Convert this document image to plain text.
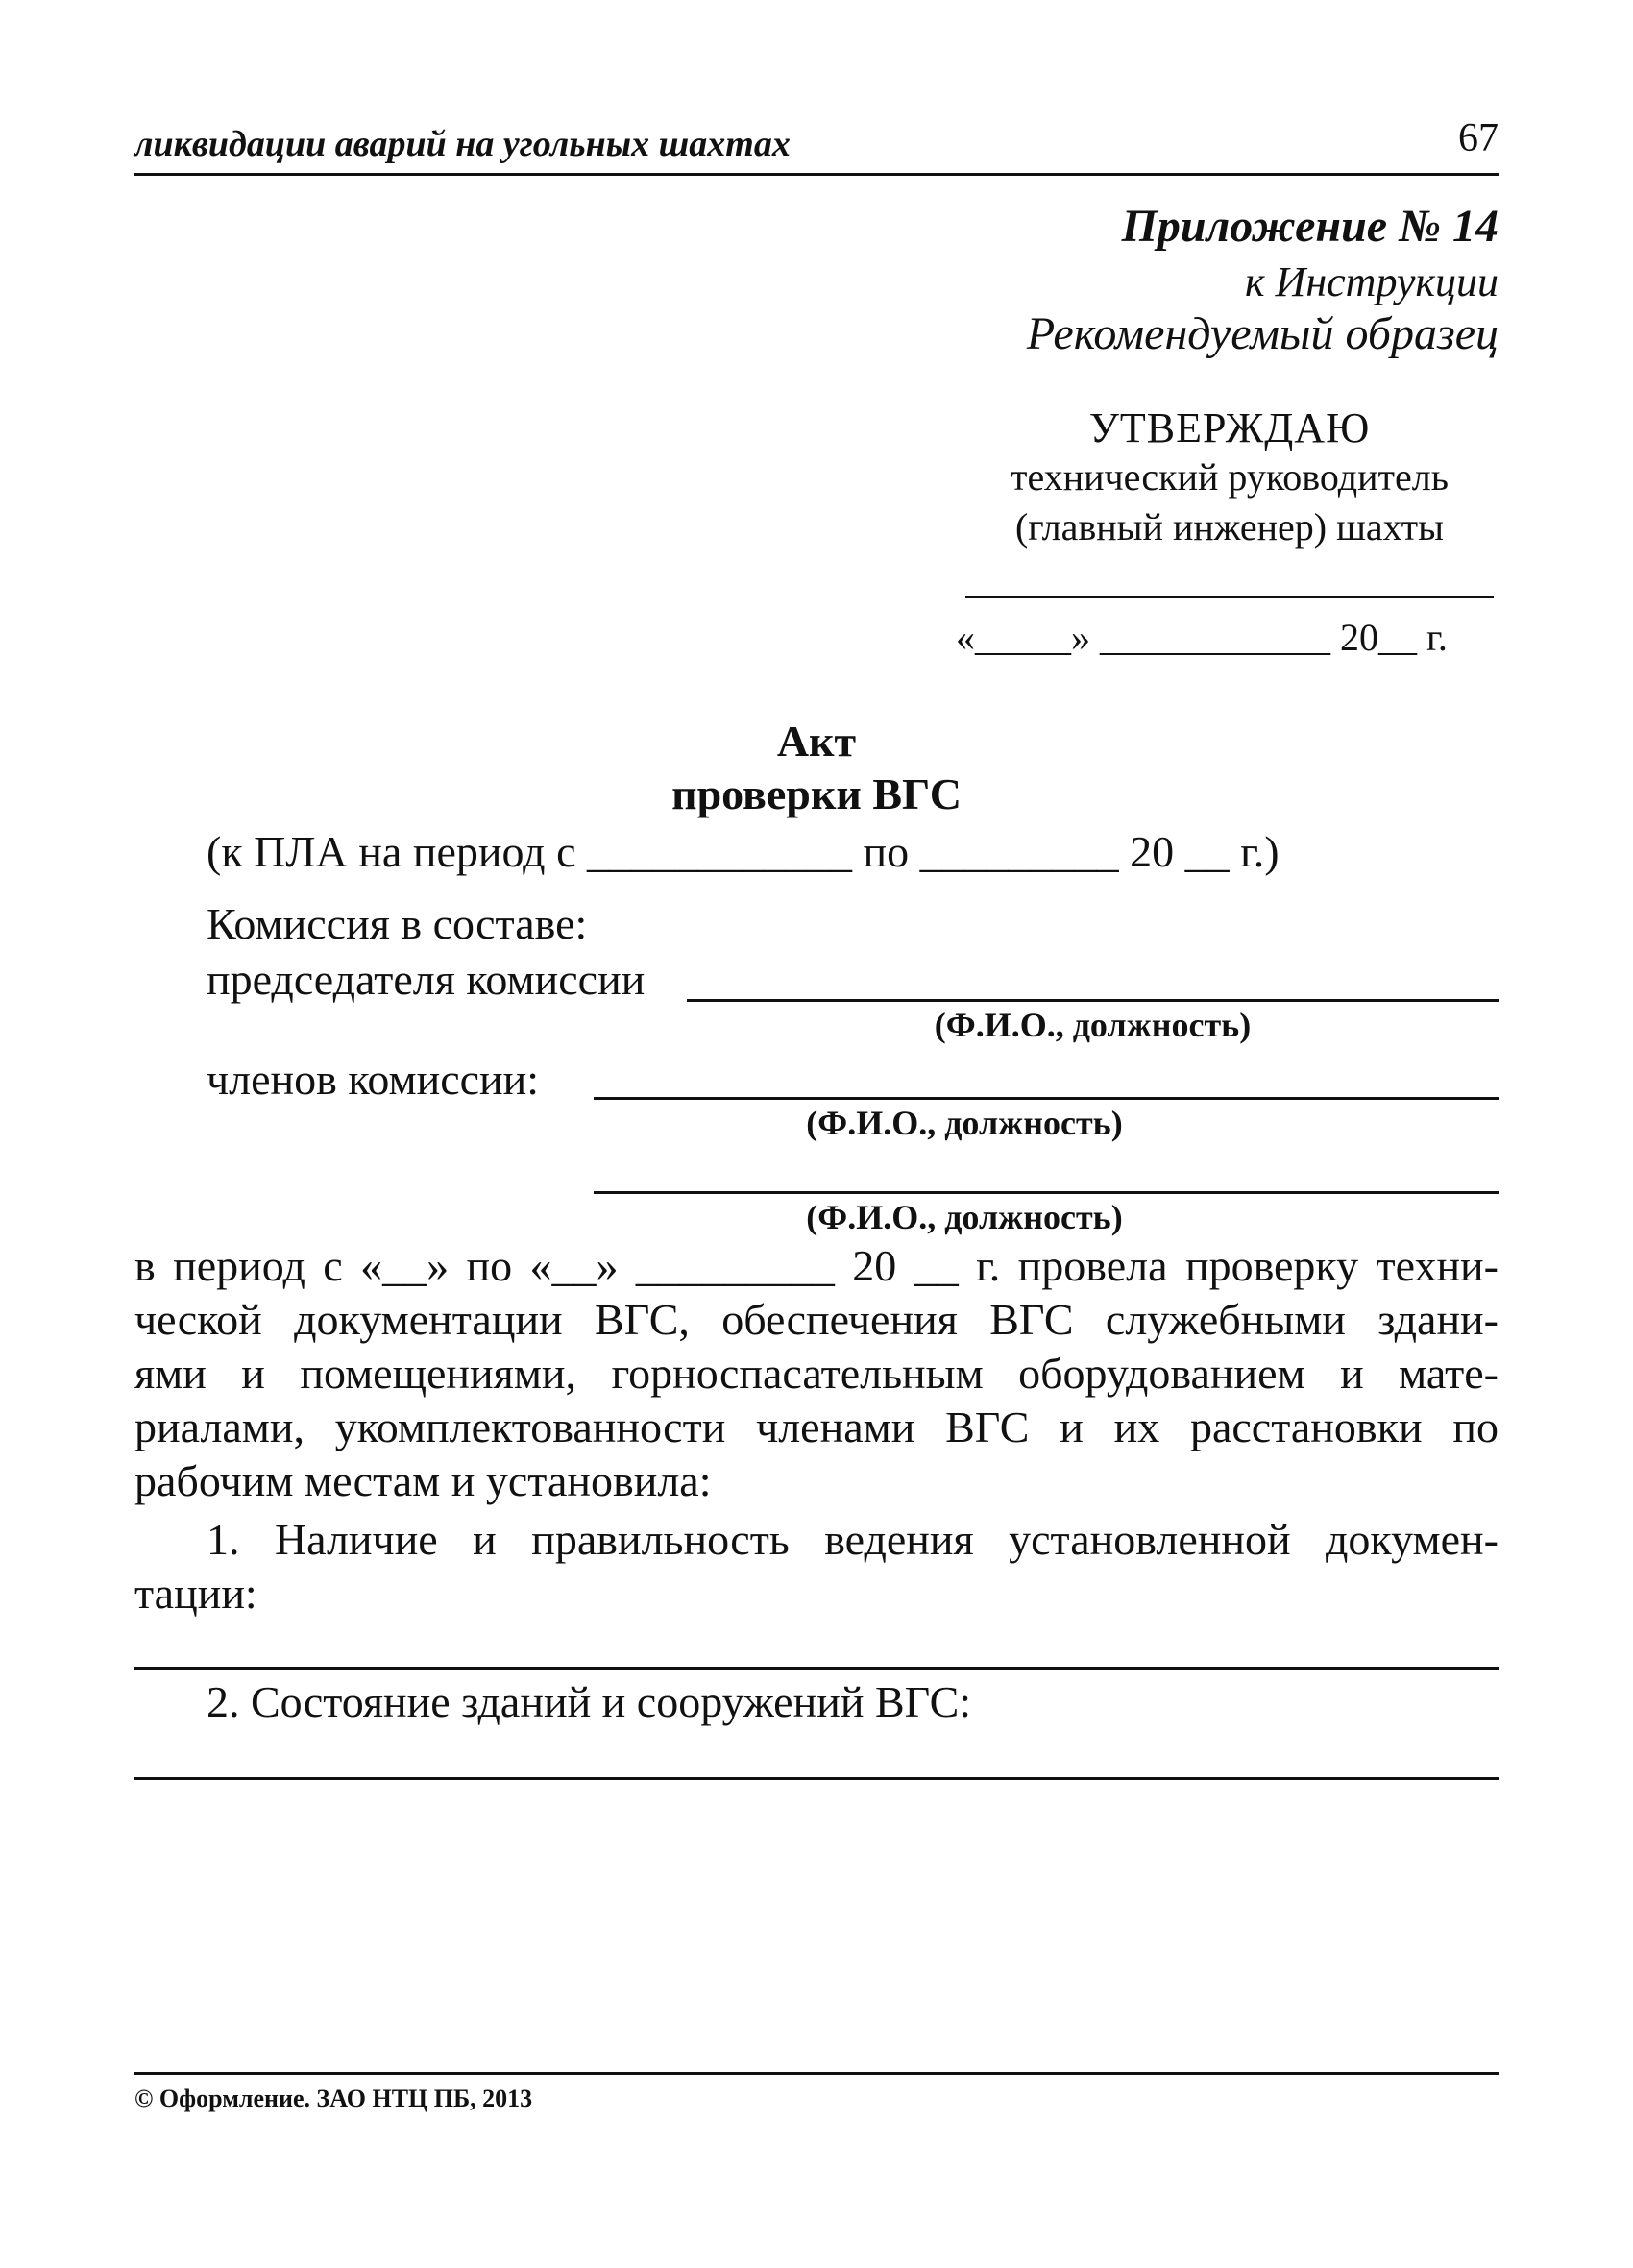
ликвидации аварий на угольных шахтах	67
Приложение № 14
к Инструкции
Рекомендуемый образец
УТВЕРЖДАЮ
технический руководитель
(главный инженер) шахты
«_____» ____________ 20__ г.
Акт
проверки ВГС
(к ПЛА на период с ____________ по _________ 20 __ г.)
Комиссия в составе:
председателя комиссии
(Ф.И.О., должность)
членов комиссии:
(Ф.И.О., должность)
(Ф.И.О., должность)
в период с «__» по «__» _________ 20 __ г. провела проверку техни-
ческой документации ВГС, обеспечения ВГС служебными здани-
ями и помещениями, горноспасательным оборудованием и мате-
риалами, укомплектованности членами ВГС и их расстановки по
рабочим местам и установила:
1. Наличие и правильность ведения установленной докумен-
тации:
2. Состояние зданий и сооружений ВГС:
© Оформление. ЗАО НТЦ ПБ, 2013
